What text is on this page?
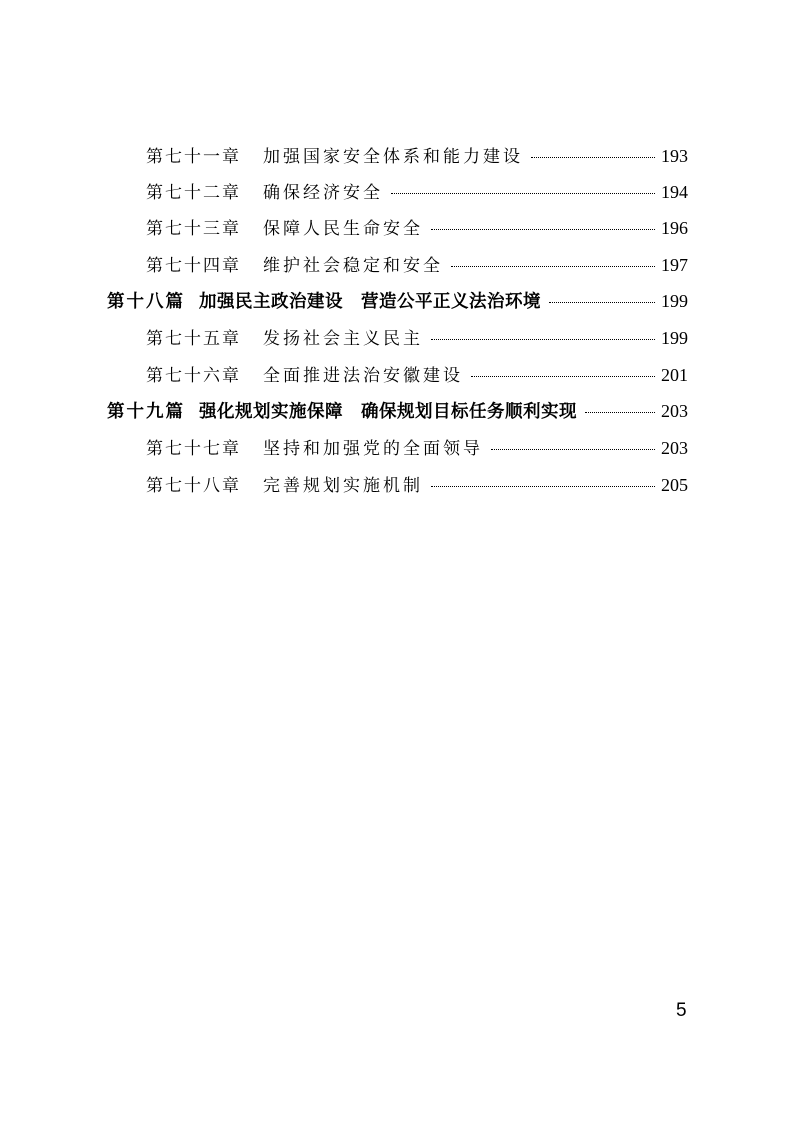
第七十一章 加强国家安全体系和能力建设	193
第七十二章 确保经济安全	194
第七十三章 保障人民生命安全	196
第七十四章 维护社会稳定和安全	197
第十八篇 加强民主政治建设 营造公平正义法治环境	199
第七十五章 发扬社会主义民主	199
第七十六章 全面推进法治安徽建设	201
第十九篇 强化规划实施保障 确保规划目标任务顺利实现	203
第七十七章 坚持和加强党的全面领导	203
第七十八章 完善规划实施机制	205
5
